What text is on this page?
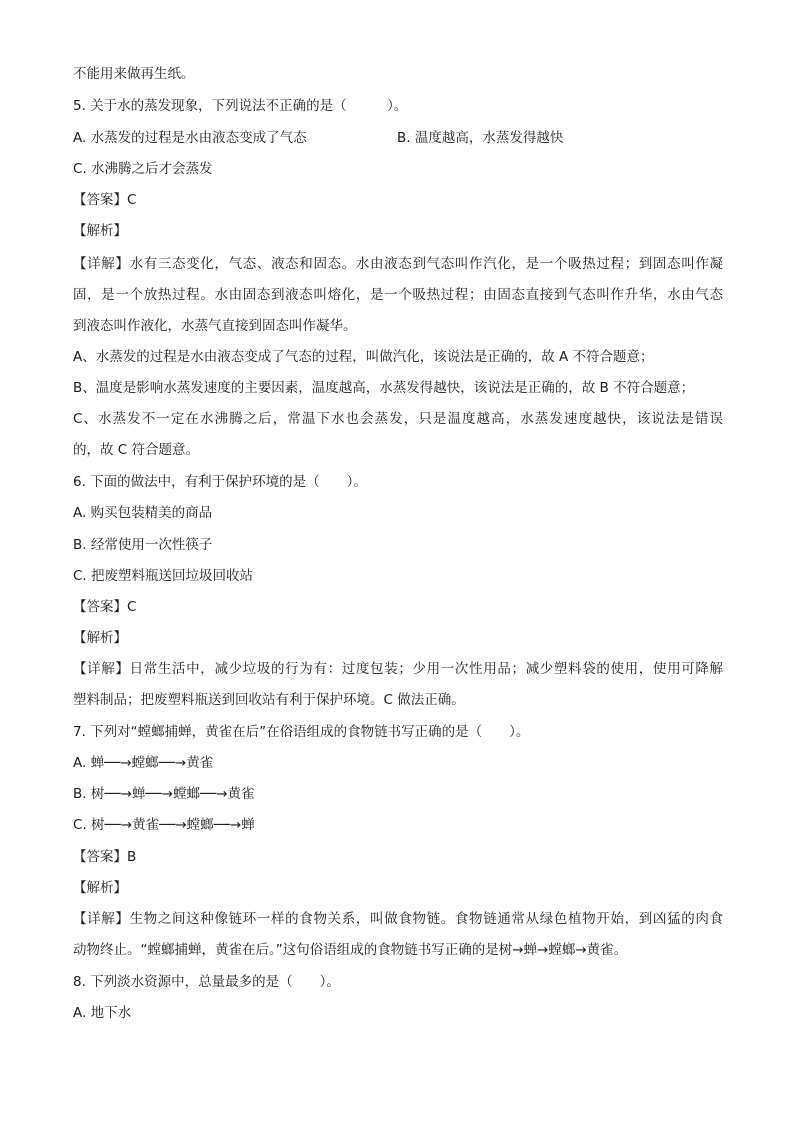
不能用来做再生纸。
5. 关于水的蒸发现象，下列说法不正确的是（　　　）。
A. 水蒸发的过程是水由液态变成了气态	B. 温度越高，水蒸发得越快
C. 水沸腾之后才会蒸发
【答案】C
【解析】
【详解】水有三态变化，气态、液态和固态。水由液态到气态叫作汽化，是一个吸热过程；到固态叫作凝
固，是一个放热过程。水由固态到液态叫熔化，是一个吸热过程；由固态直接到气态叫作升华，水由气态
到液态叫作液化，水蒸气直接到固态叫作凝华。
A、水蒸发的过程是水由液态变成了气态的过程，叫做汽化，该说法是正确的，故 A 不符合题意；
B、温度是影响水蒸发速度的主要因素，温度越高，水蒸发得越快，该说法是正确的，故 B 不符合题意；
C、水蒸发不一定在水沸腾之后，常温下水也会蒸发，只是温度越高，水蒸发速度越快，该说法是错误
的，故 C 符合题意。
6. 下面的做法中，有利于保护环境的是（　　）。
A. 购买包装精美的商品
B. 经常使用一次性筷子
C. 把废塑料瓶送回垃圾回收站
【答案】C
【解析】
【详解】日常生活中，减少垃圾的行为有：过度包装；少用一次性用品；减少塑料袋的使用，使用可降解
塑料制品；把废塑料瓶送到回收站有利于保护环境。C 做法正确。
7. 下列对“螳螂捕蝉，黄雀在后”在俗语组成的食物链书写正确的是（　　）。
A. 蝉──→螳螂──→黄雀
B. 树──→蝉──→螳螂──→黄雀
C. 树──→黄雀──→螳螂──→蝉
【答案】B
【解析】
【详解】生物之间这种像链环一样的食物关系，叫做食物链。食物链通常从绿色植物开始，到凶猛的肉食
动物终止。“螳螂捕蝉，黄雀在后。”这句俗语组成的食物链书写正确的是树→蝉→螳螂→黄雀。
8. 下列淡水资源中，总量最多的是（　　）。
A. 地下水
